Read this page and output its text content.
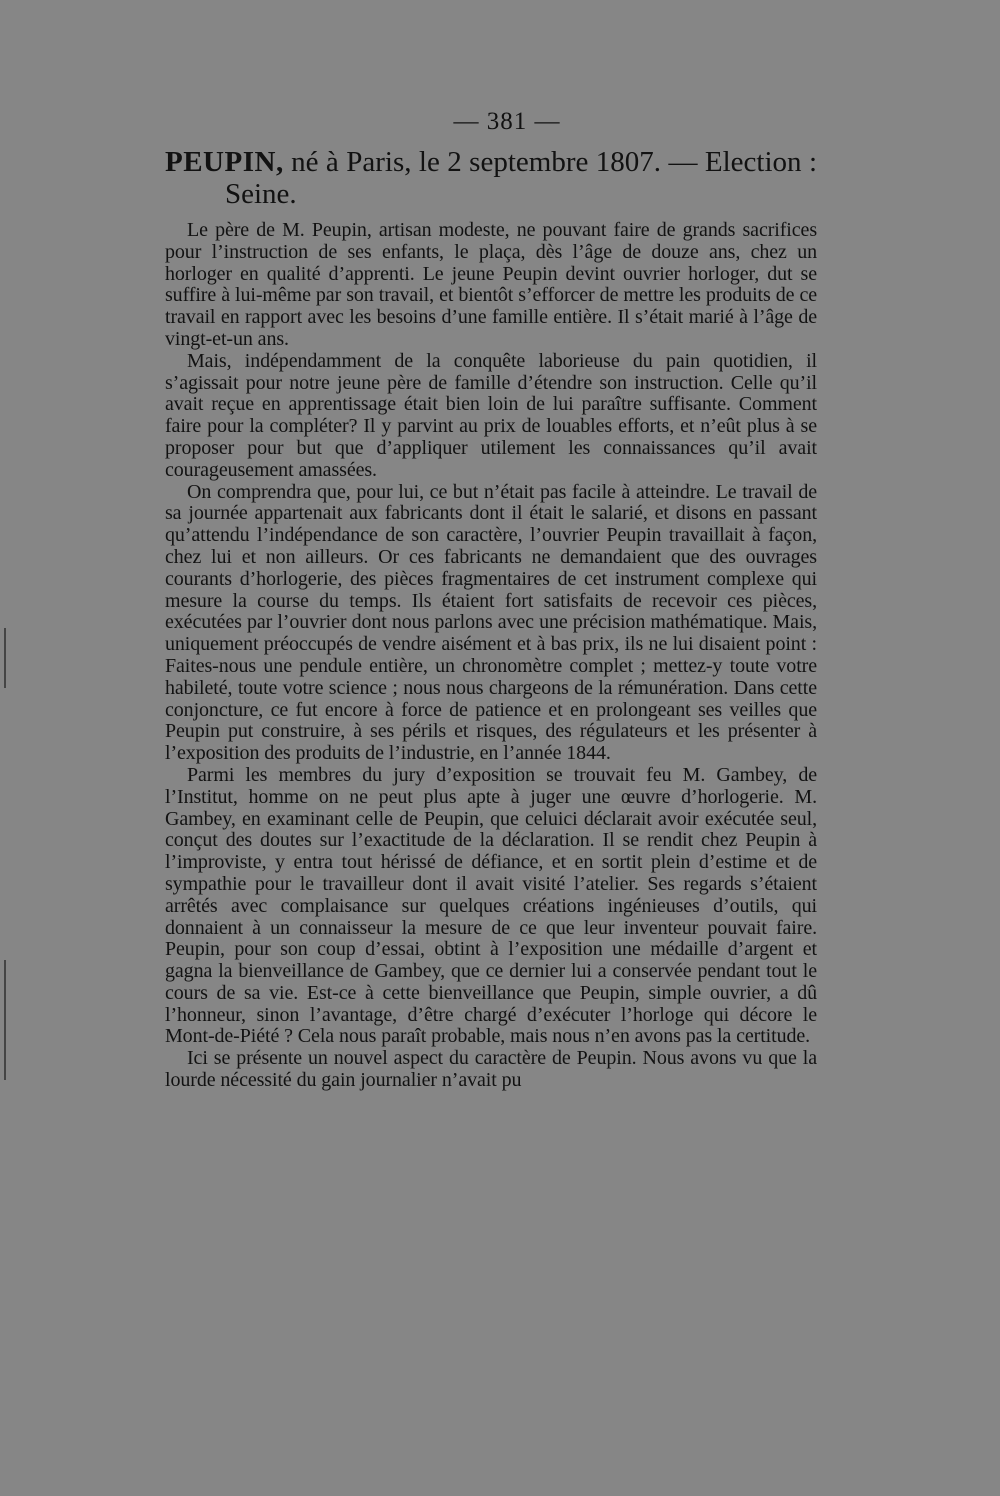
— 381 —
PEUPIN, né à Paris, le 2 septembre 1807. — Election : Seine.

Le père de M. Peupin, artisan modeste, ne pouvant faire de grands sacrifices pour l’instruction de ses enfants, le plaça, dès l’âge de douze ans, chez un horloger en qualité d’apprenti. Le jeune Peupin devint ouvrier horloger, dut se suffire à lui-même par son travail, et bientôt s’efforcer de mettre les produits de ce travail en rapport avec les besoins d’une famille entière. Il s’était marié à l’âge de vingt-et-un ans.

Mais, indépendamment de la conquête laborieuse du pain quotidien, il s’agissait pour notre jeune père de famille d’étendre son instruction. Celle qu’il avait reçue en apprentissage était bien loin de lui paraître suffisante. Comment faire pour la compléter? Il y parvint au prix de louables efforts, et n’eût plus à se proposer pour but que d’appliquer utilement les connaissances qu’il avait courageusement amassées.

On comprendra que, pour lui, ce but n’était pas facile à atteindre. Le travail de sa journée appartenait aux fabricants dont il était le salarié, et disons en passant qu’attendu l’indépendance de son caractère, l’ouvrier Peupin travaillait à façon, chez lui et non ailleurs. Or ces fabricants ne demandaient que des ouvrages courants d’horlogerie, des pièces fragmentaires de cet instrument complexe qui mesure la course du temps. Ils étaient fort satisfaits de recevoir ces pièces, exécutées par l’ouvrier dont nous parlons avec une précision mathématique. Mais, uniquement préoccupés de vendre aisément et à bas prix, ils ne lui disaient point : Faites-nous une pendule entière, un chronomètre complet ; mettez-y toute votre habileté, toute votre science ; nous nous chargeons de la rémunération. Dans cette conjoncture, ce fut encore à force de patience et en prolongeant ses veilles que Peupin put construire, à ses périls et risques, des régulateurs et les présenter à l’exposition des produits de l’industrie, en l’année 1844.

Parmi les membres du jury d’exposition se trouvait feu M. Gambey, de l’Institut, homme on ne peut plus apte à juger une œuvre d’horlogerie. M. Gambey, en examinant celle de Peupin, que celuici déclarait avoir exécutée seul, conçut des doutes sur l’exactitude de la déclaration. Il se rendit chez Peupin à l’improviste, y entra tout hérissé de défiance, et en sortit plein d’estime et de sympathie pour le travailleur dont il avait visité l’atelier. Ses regards s’étaient arrêtés avec complaisance sur quelques créations ingénieuses d’outils, qui donnaient à un connaisseur la mesure de ce que leur inventeur pouvait faire. Peupin, pour son coup d’essai, obtint à l’exposition une médaille d’argent et gagna la bienveillance de Gambey, que ce dernier lui a conservée pendant tout le cours de sa vie. Est-ce à cette bienveillance que Peupin, simple ouvrier, a dû l’honneur, sinon l’avantage, d’être chargé d’exécuter l’horloge qui décore le Mont-de-Piété ? Cela nous paraît probable, mais nous n’en avons pas la certitude.

Ici se présente un nouvel aspect du caractère de Peupin. Nous avons vu que la lourde nécessité du gain journalier n’avait pu
